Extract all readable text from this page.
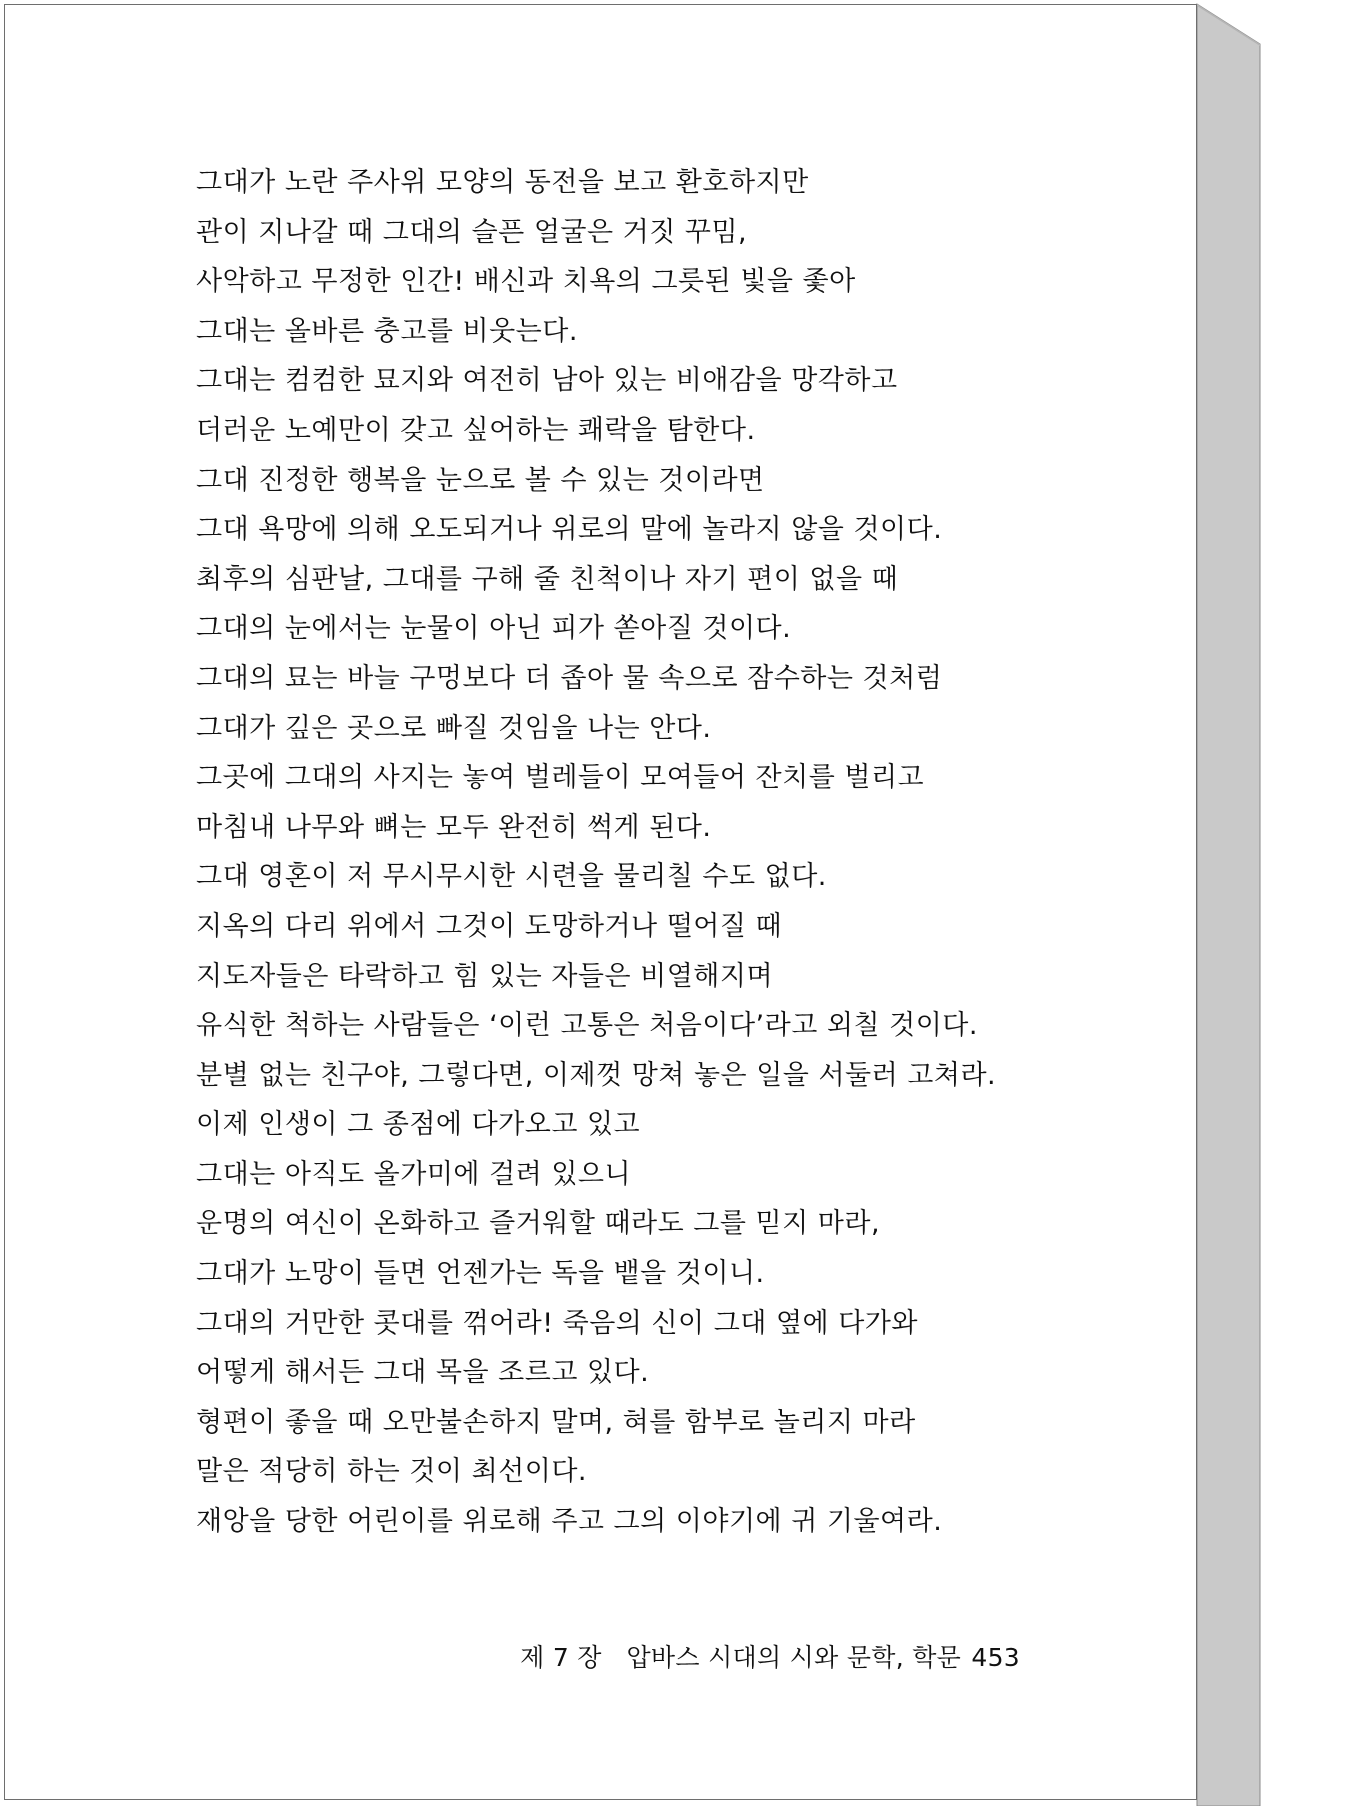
그대가 노란 주사위 모양의 동전을 보고 환호하지만
관이 지나갈 때 그대의 슬픈 얼굴은 거짓 꾸밈,
사악하고 무정한 인간! 배신과 치욕의 그릇된 빛을 좇아
그대는 올바른 충고를 비웃는다.
그대는 컴컴한 묘지와 여전히 남아 있는 비애감을 망각하고
더러운 노예만이 갖고 싶어하는 쾌락을 탐한다.
그대 진정한 행복을 눈으로 볼 수 있는 것이라면
그대 욕망에 의해 오도되거나 위로의 말에 놀라지 않을 것이다.
최후의 심판날, 그대를 구해 줄 친척이나 자기 편이 없을 때
그대의 눈에서는 눈물이 아닌 피가 쏟아질 것이다.
그대의 묘는 바늘 구멍보다 더 좁아 물 속으로 잠수하는 것처럼
그대가 깊은 곳으로 빠질 것임을 나는 안다.
그곳에 그대의 사지는 놓여 벌레들이 모여들어 잔치를 벌리고
마침내 나무와 뼈는 모두 완전히 썩게 된다.
그대 영혼이 저 무시무시한 시련을 물리칠 수도 없다.
지옥의 다리 위에서 그것이 도망하거나 떨어질 때
지도자들은 타락하고 힘 있는 자들은 비열해지며
유식한 척하는 사람들은 ‘이런 고통은 처음이다’라고 외칠 것이다.
분별 없는 친구야, 그렇다면, 이제껏 망쳐 놓은 일을 서둘러 고쳐라.
이제 인생이 그 종점에 다가오고 있고
그대는 아직도 올가미에 걸려 있으니
운명의 여신이 온화하고 즐거워할 때라도 그를 믿지 마라,
그대가 노망이 들면 언젠가는 독을 뱉을 것이니.
그대의 거만한 콧대를 꺾어라! 죽음의 신이 그대 옆에 다가와
어떻게 해서든 그대 목을 조르고 있다.
형편이 좋을 때 오만불손하지 말며, 혀를 함부로 놀리지 마라
말은 적당히 하는 것이 최선이다.
재앙을 당한 어린이를 위로해 주고 그의 이야기에 귀 기울여라.
제 7 장 압바스 시대의 시와 문학, 학문 453
